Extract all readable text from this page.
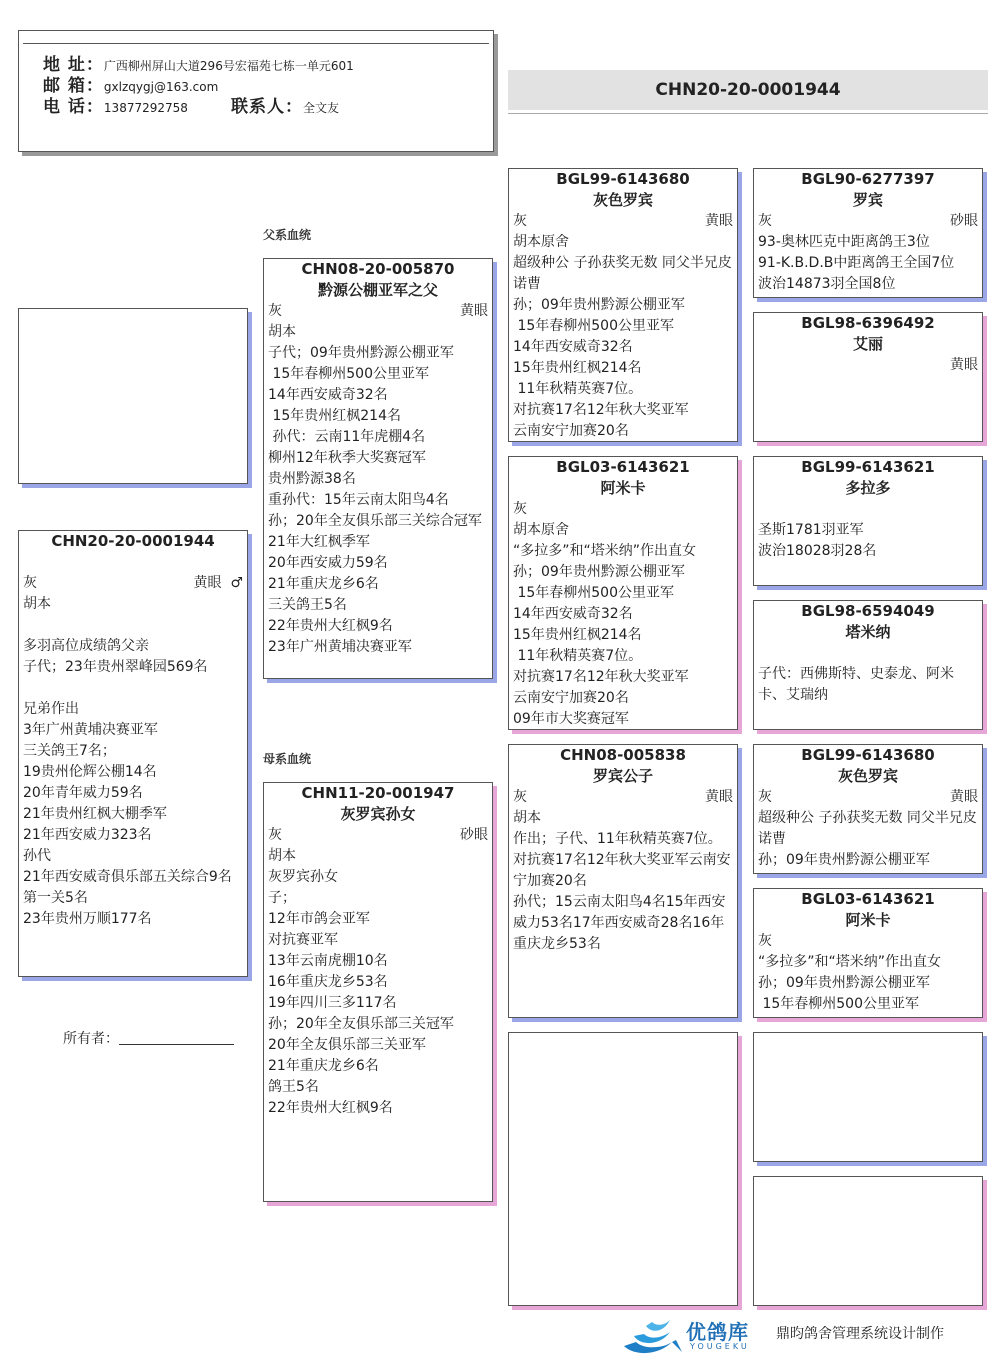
地 址：广西柳州屏山大道296号宏福苑七栋一单元601
邮 箱：gxlzqygj@163.com
电 话：13877292758	联系人：全文友
CHN20-20-0001944
CHN20-20-0001944
灰	黄眼 ♂
胡本

多羽高位成绩鸽父亲
子代；23年贵州翠峰园569名

兄弟作出
3年广州黄埔决赛亚军
三关鸽王7名；
19贵州伦辉公棚14名
20年青年威力59名
21年贵州红枫大棚季军
21年西安威力323名
孙代
21年西安威奇俱乐部五关综合9名
第一关5名
23年贵州万顺177名
所有者：
父系血统
母系血统
CHN08-20-005870
黔源公棚亚军之父
灰	黄眼
胡本
子代；09年贵州黔源公棚亚军
15年春柳州500公里亚军
14年西安威奇32名
15年贵州红枫214名
孙代：云南11年虎棚4名
柳州12年秋季大奖赛冠军
贵州黔源38名
重孙代：15年云南太阳鸟4名
孙；20年全友俱乐部三关综合冠军
21年大红枫季军
20年西安威力59名
21年重庆龙乡6名
三关鸽王5名
22年贵州大红枫9名
23年广州黄埔决赛亚军
CHN11-20-001947
灰罗宾孙女
灰	砂眼
胡本
灰罗宾孙女
子；
12年市鸽会亚军
对抗赛亚军
13年云南虎棚10名
16年重庆龙乡53名
19年四川三多117名
孙；20年全友俱乐部三关冠军
20年全友俱乐部三关亚军
21年重庆龙乡6名
鸽王5名
22年贵州大红枫9名
BGL99-6143680
灰色罗宾
灰	黄眼
胡本原舍
超级种公 子孙获奖无数 同父半兄皮诺曹
孙；09年贵州黔源公棚亚军
15年春柳州500公里亚军
14年西安威奇32名
15年贵州红枫214名
11年秋精英赛7位。
对抗赛17名12年秋大奖亚军
云南安宁加赛20名
BGL03-6143621
阿米卡
灰
胡本原舍
“多拉多”和“塔米纳”作出直女
孙；09年贵州黔源公棚亚军
15年春柳州500公里亚军
14年西安威奇32名
15年贵州红枫214名
11年秋精英赛7位。
对抗赛17名12年秋大奖亚军
云南安宁加赛20名
09年市大奖赛冠军
CHN08-005838
罗宾公子
灰	黄眼
胡本
作出；子代、11年秋精英赛7位。对抗赛17名12年秋大奖亚军云南安宁加赛20名
孙代；15云南太阳鸟4名15年西安威力53名17年西安威奇28名16年重庆龙乡53名
BGL90-6277397
罗宾
灰	砂眼
93-奥林匹克中距离鸽王3位
91-K.B.D.B中距离鸽王全国7位
波治14873羽全国8位
BGL98-6396492
艾丽
黄眼
BGL99-6143621
多拉多
圣斯1781羽亚军
波治18028羽28名
BGL98-6594049
塔米纳
子代：西佛斯特、史泰龙、阿米卡、艾瑞纳
BGL99-6143680
灰色罗宾
灰	黄眼
超级种公 子孙获奖无数 同父半兄皮诺曹
孙；09年贵州黔源公棚亚军
BGL03-6143621
阿米卡
灰
“多拉多”和“塔米纳”作出直女
孙；09年贵州黔源公棚亚军
15年春柳州500公里亚军
优鸽库
YOUGEKU
鼎昀鸽舍管理系统设计制作
